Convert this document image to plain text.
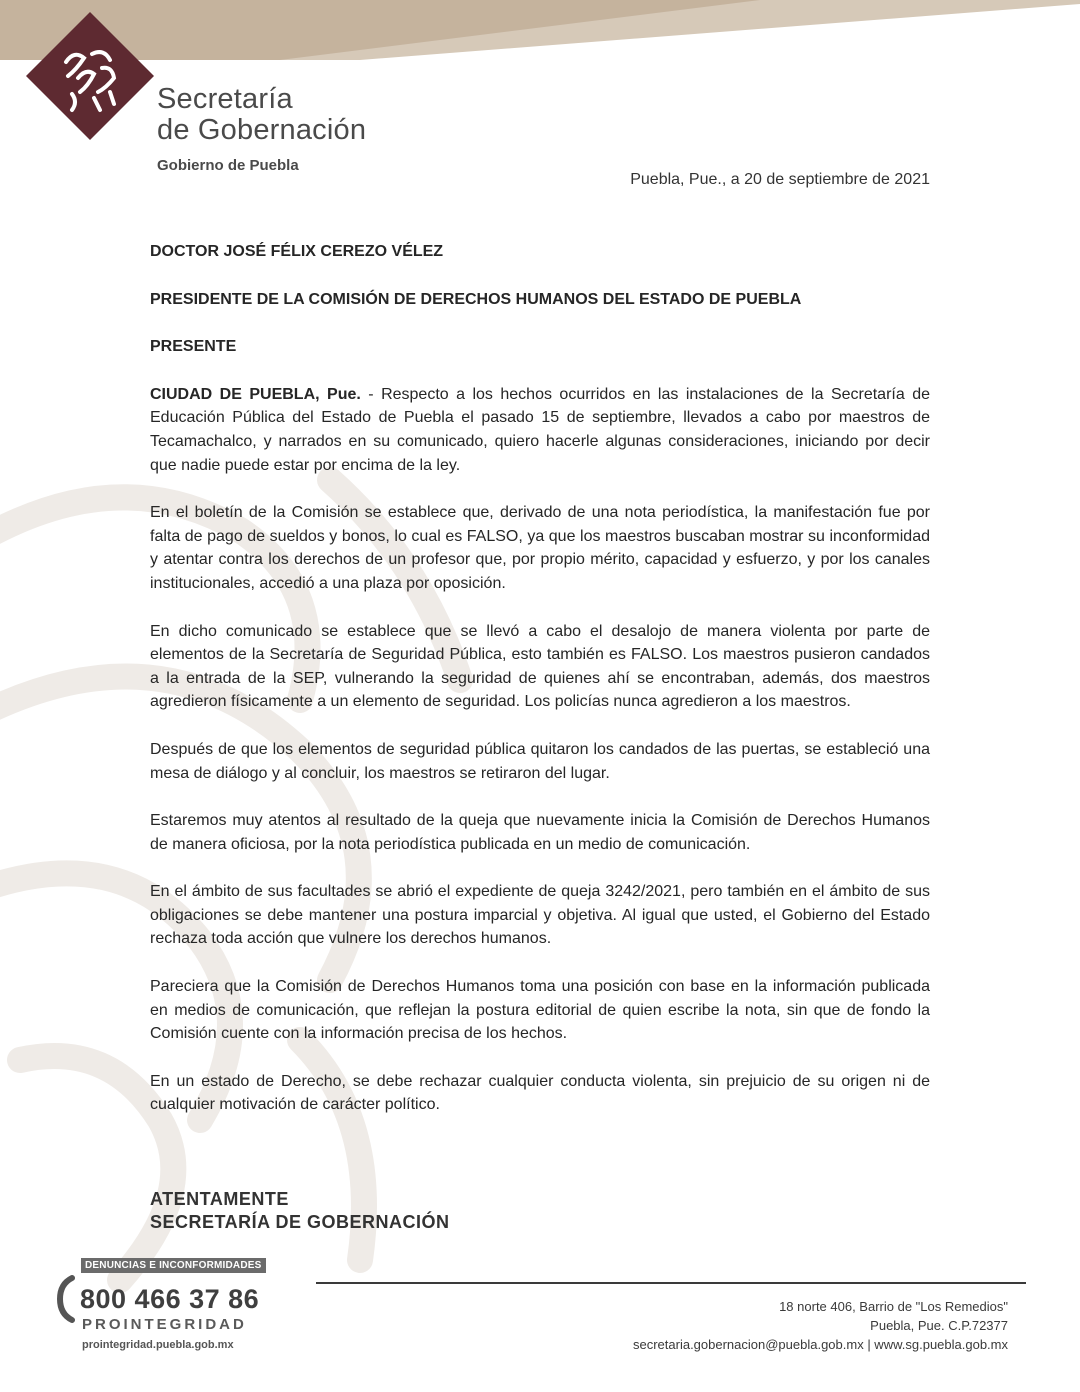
Secretaría
de Gobernación
Gobierno de Puebla
Puebla, Pue., a 20 de septiembre de 2021

DOCTOR JOSÉ FÉLIX CEREZO VÉLEZ

PRESIDENTE DE LA COMISIÓN DE DERECHOS HUMANOS DEL ESTADO DE PUEBLA

PRESENTE

CIUDAD DE PUEBLA, Pue. - Respecto a los hechos ocurridos en las instalaciones de la Secretaría de Educación Pública del Estado de Puebla el pasado 15 de septiembre, llevados a cabo por maestros de Tecamachalco, y narrados en su comunicado, quiero hacerle algunas consideraciones, iniciando por decir que nadie puede estar por encima de la ley.

En el boletín de la Comisión se establece que, derivado de una nota periodística, la manifestación fue por falta de pago de sueldos y bonos, lo cual es FALSO, ya que los maestros buscaban mostrar su inconformidad y atentar contra los derechos de un profesor que, por propio mérito, capacidad y esfuerzo, y por los canales institucionales, accedió a una plaza por oposición.

En dicho comunicado se establece que se llevó a cabo el desalojo de manera violenta por parte de elementos de la Secretaría de Seguridad Pública, esto también es FALSO. Los maestros pusieron candados a la entrada de la SEP, vulnerando la seguridad de quienes ahí se encontraban, además, dos maestros agredieron físicamente a un elemento de seguridad. Los policías nunca agredieron a los maestros.

Después de que los elementos de seguridad pública quitaron los candados de las puertas, se estableció una mesa de diálogo y al concluir, los maestros se retiraron del lugar.

Estaremos muy atentos al resultado de la queja que nuevamente inicia la Comisión de Derechos Humanos de manera oficiosa, por la nota periodística publicada en un medio de comunicación.

En el ámbito de sus facultades se abrió el expediente de queja 3242/2021, pero también en el ámbito de sus obligaciones se debe mantener una postura imparcial y objetiva. Al igual que usted, el Gobierno del Estado rechaza toda acción que vulnere los derechos humanos.

Pareciera que la Comisión de Derechos Humanos toma una posición con base en la información publicada en medios de comunicación, que reflejan la postura editorial de quien escribe la nota, sin que de fondo la Comisión cuente con la información precisa de los hechos.

En un estado de Derecho, se debe rechazar cualquier conducta violenta, sin prejuicio de su origen ni de cualquier motivación de carácter político.

ATENTAMENTE
SECRETARÍA DE GOBERNACIÓN
DENUNCIAS E INCONFORMIDADES
800 466 37 86
PROINTEGRIDAD
prointegridad.puebla.gob.mx
18 norte 406, Barrio de "Los Remedios"
Puebla, Pue. C.P.72377
secretaria.gobernacion@puebla.gob.mx | www.sg.puebla.gob.mx
